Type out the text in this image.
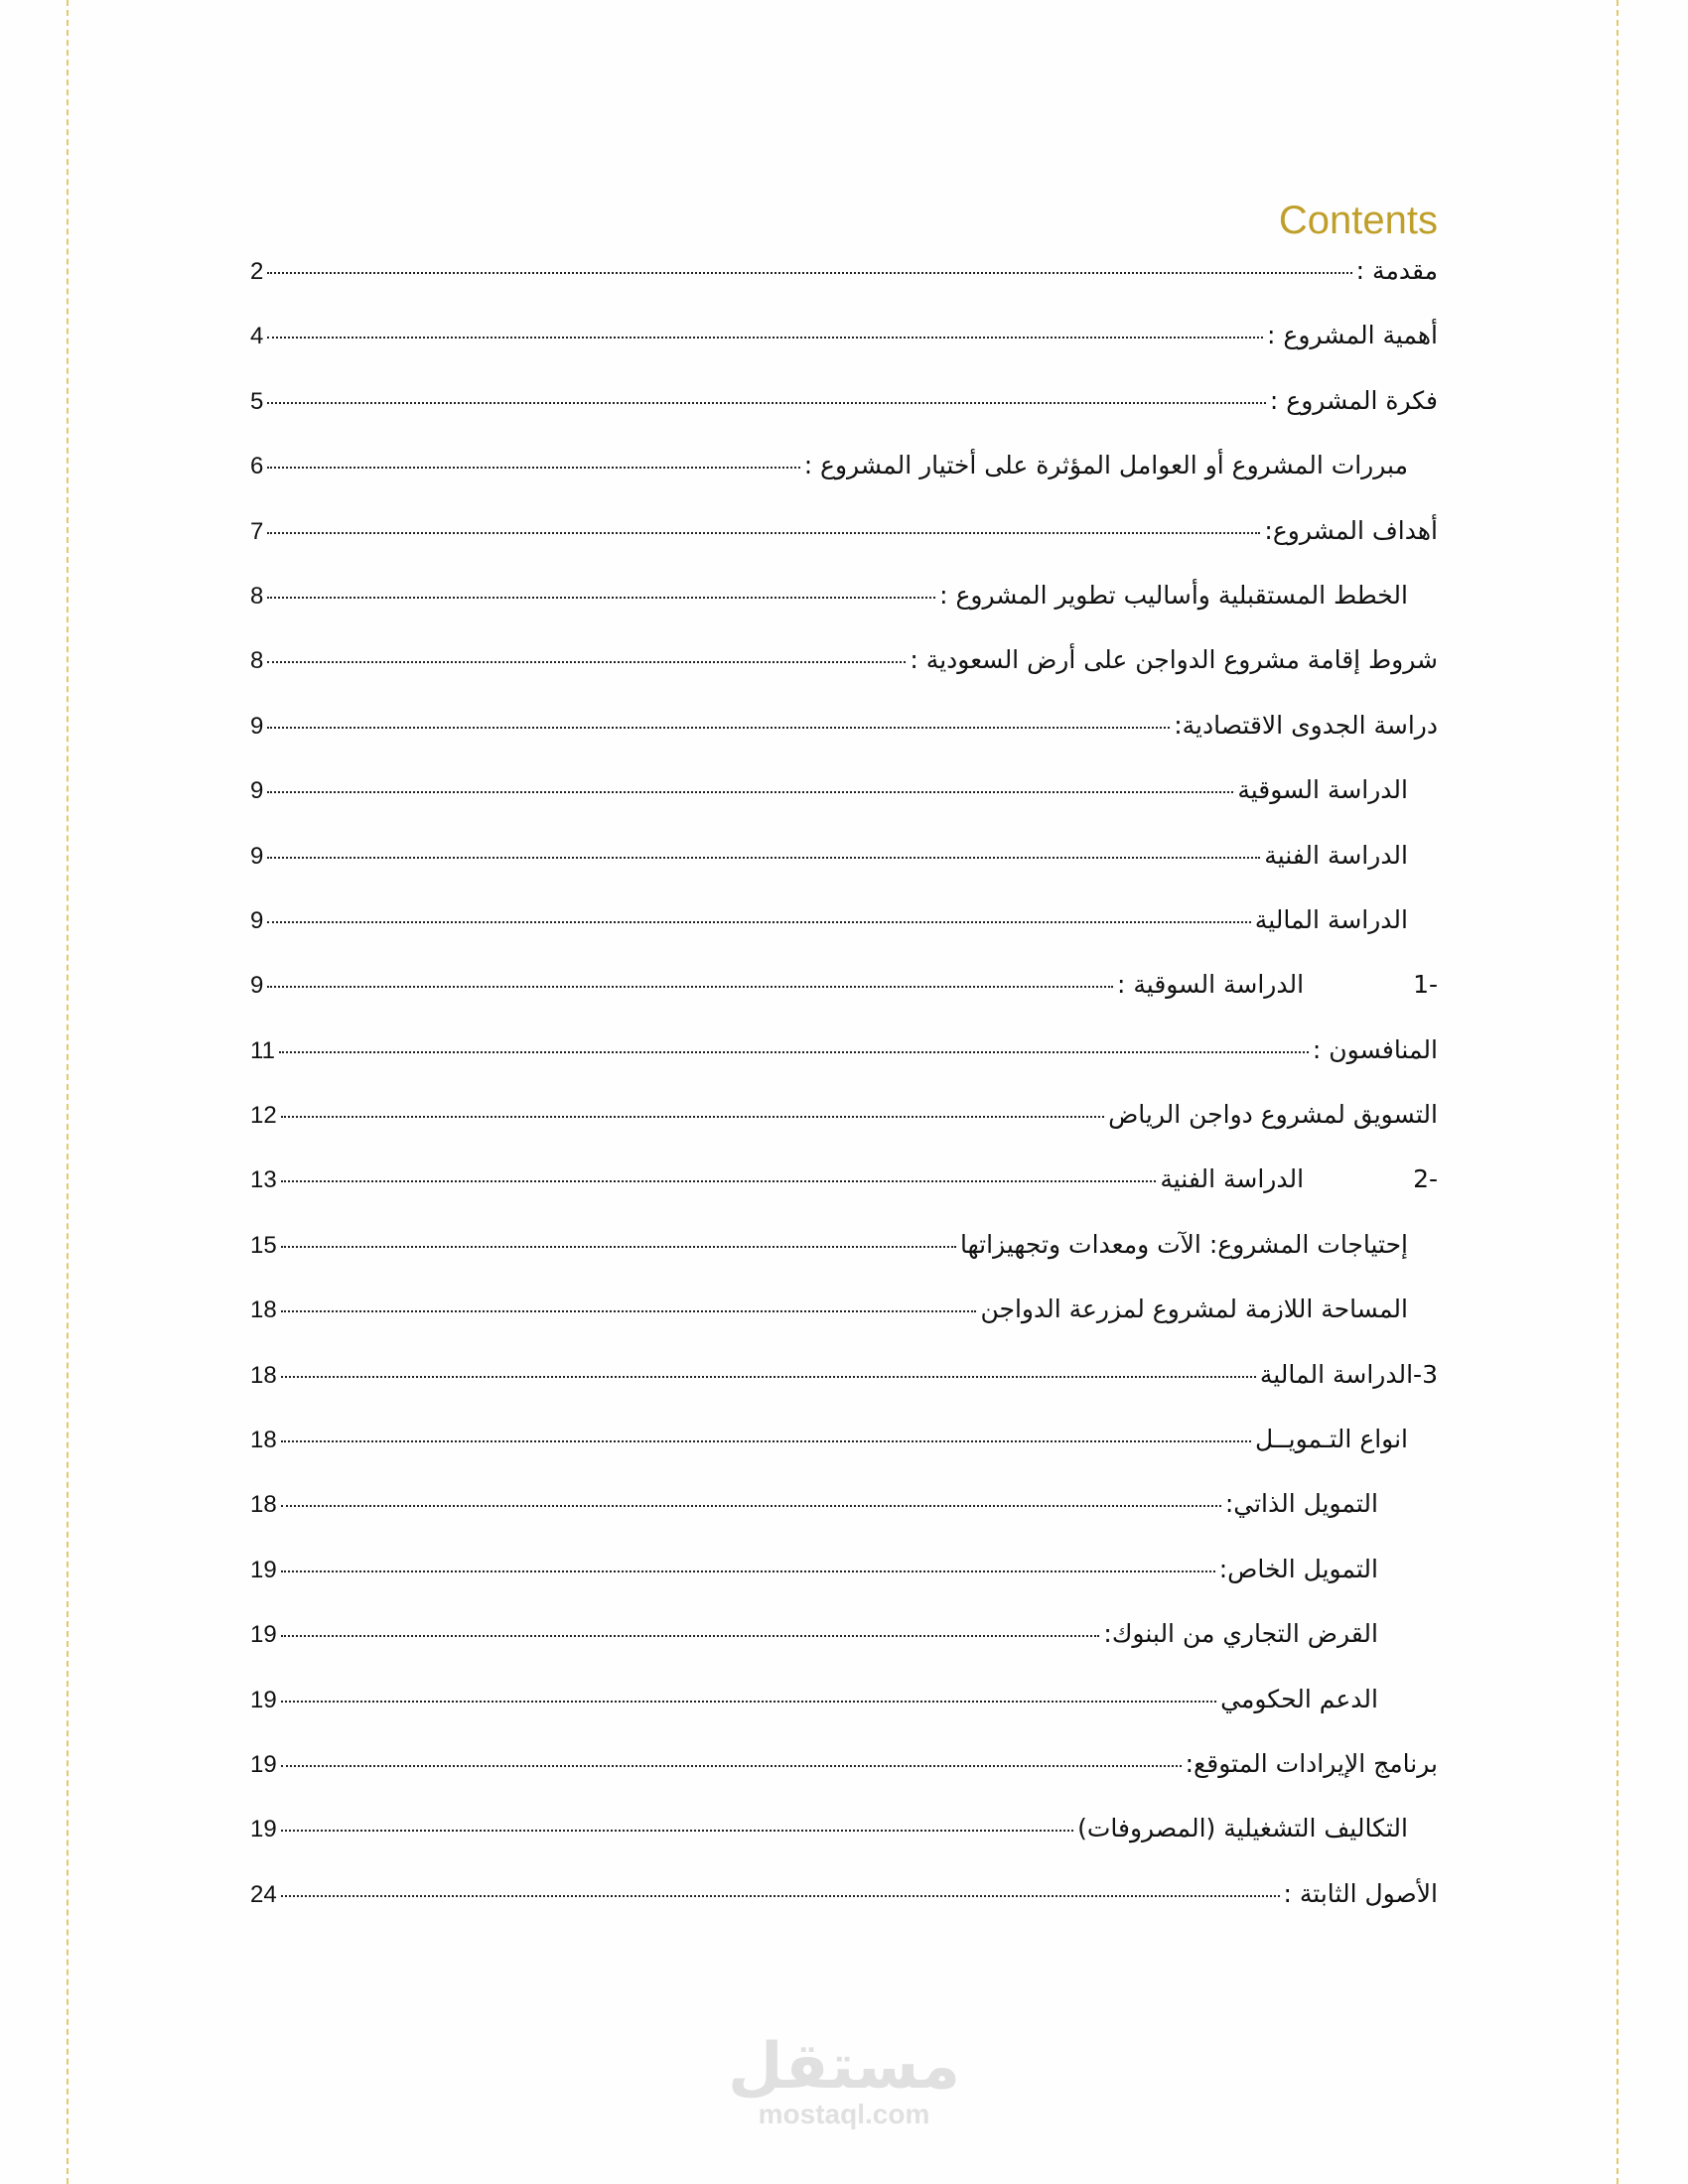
Contents
مقدمة :
2
أهمية المشروع :
4
فكرة المشروع :
5
مبررات المشروع أو العوامل المؤثرة على أختيار المشروع :
6
أهداف المشروع:
7
الخطط المستقبلية وأساليب تطوير المشروع :
8
شروط إقامة مشروع الدواجن على أرض السعودية :
8
دراسة الجدوى الاقتصادية:
9
الدراسة السوقية
9
الدراسة الفنية
9
الدراسة المالية
9
-1
الدراسة السوقية :
9
المنافسون :
11
التسويق لمشروع دواجن الرياض
12
-2
الدراسة الفنية
13
إحتياجات المشروع: الآت ومعدات وتجهيزاتها
15
المساحة اللازمة لمشروع لمزرعة الدواجن
18
3-الدراسة المالية
18
انواع التـمويــل
18
التمويل الذاتي:
18
التمويل الخاص:
19
القرض التجاري من البنوك:
19
الدعم الحكومي
19
برنامج الإيرادات المتوقع:
19
التكاليف التشغيلية (المصروفات)
19
الأصول الثابتة :
24
مستقل
mostaql.com
